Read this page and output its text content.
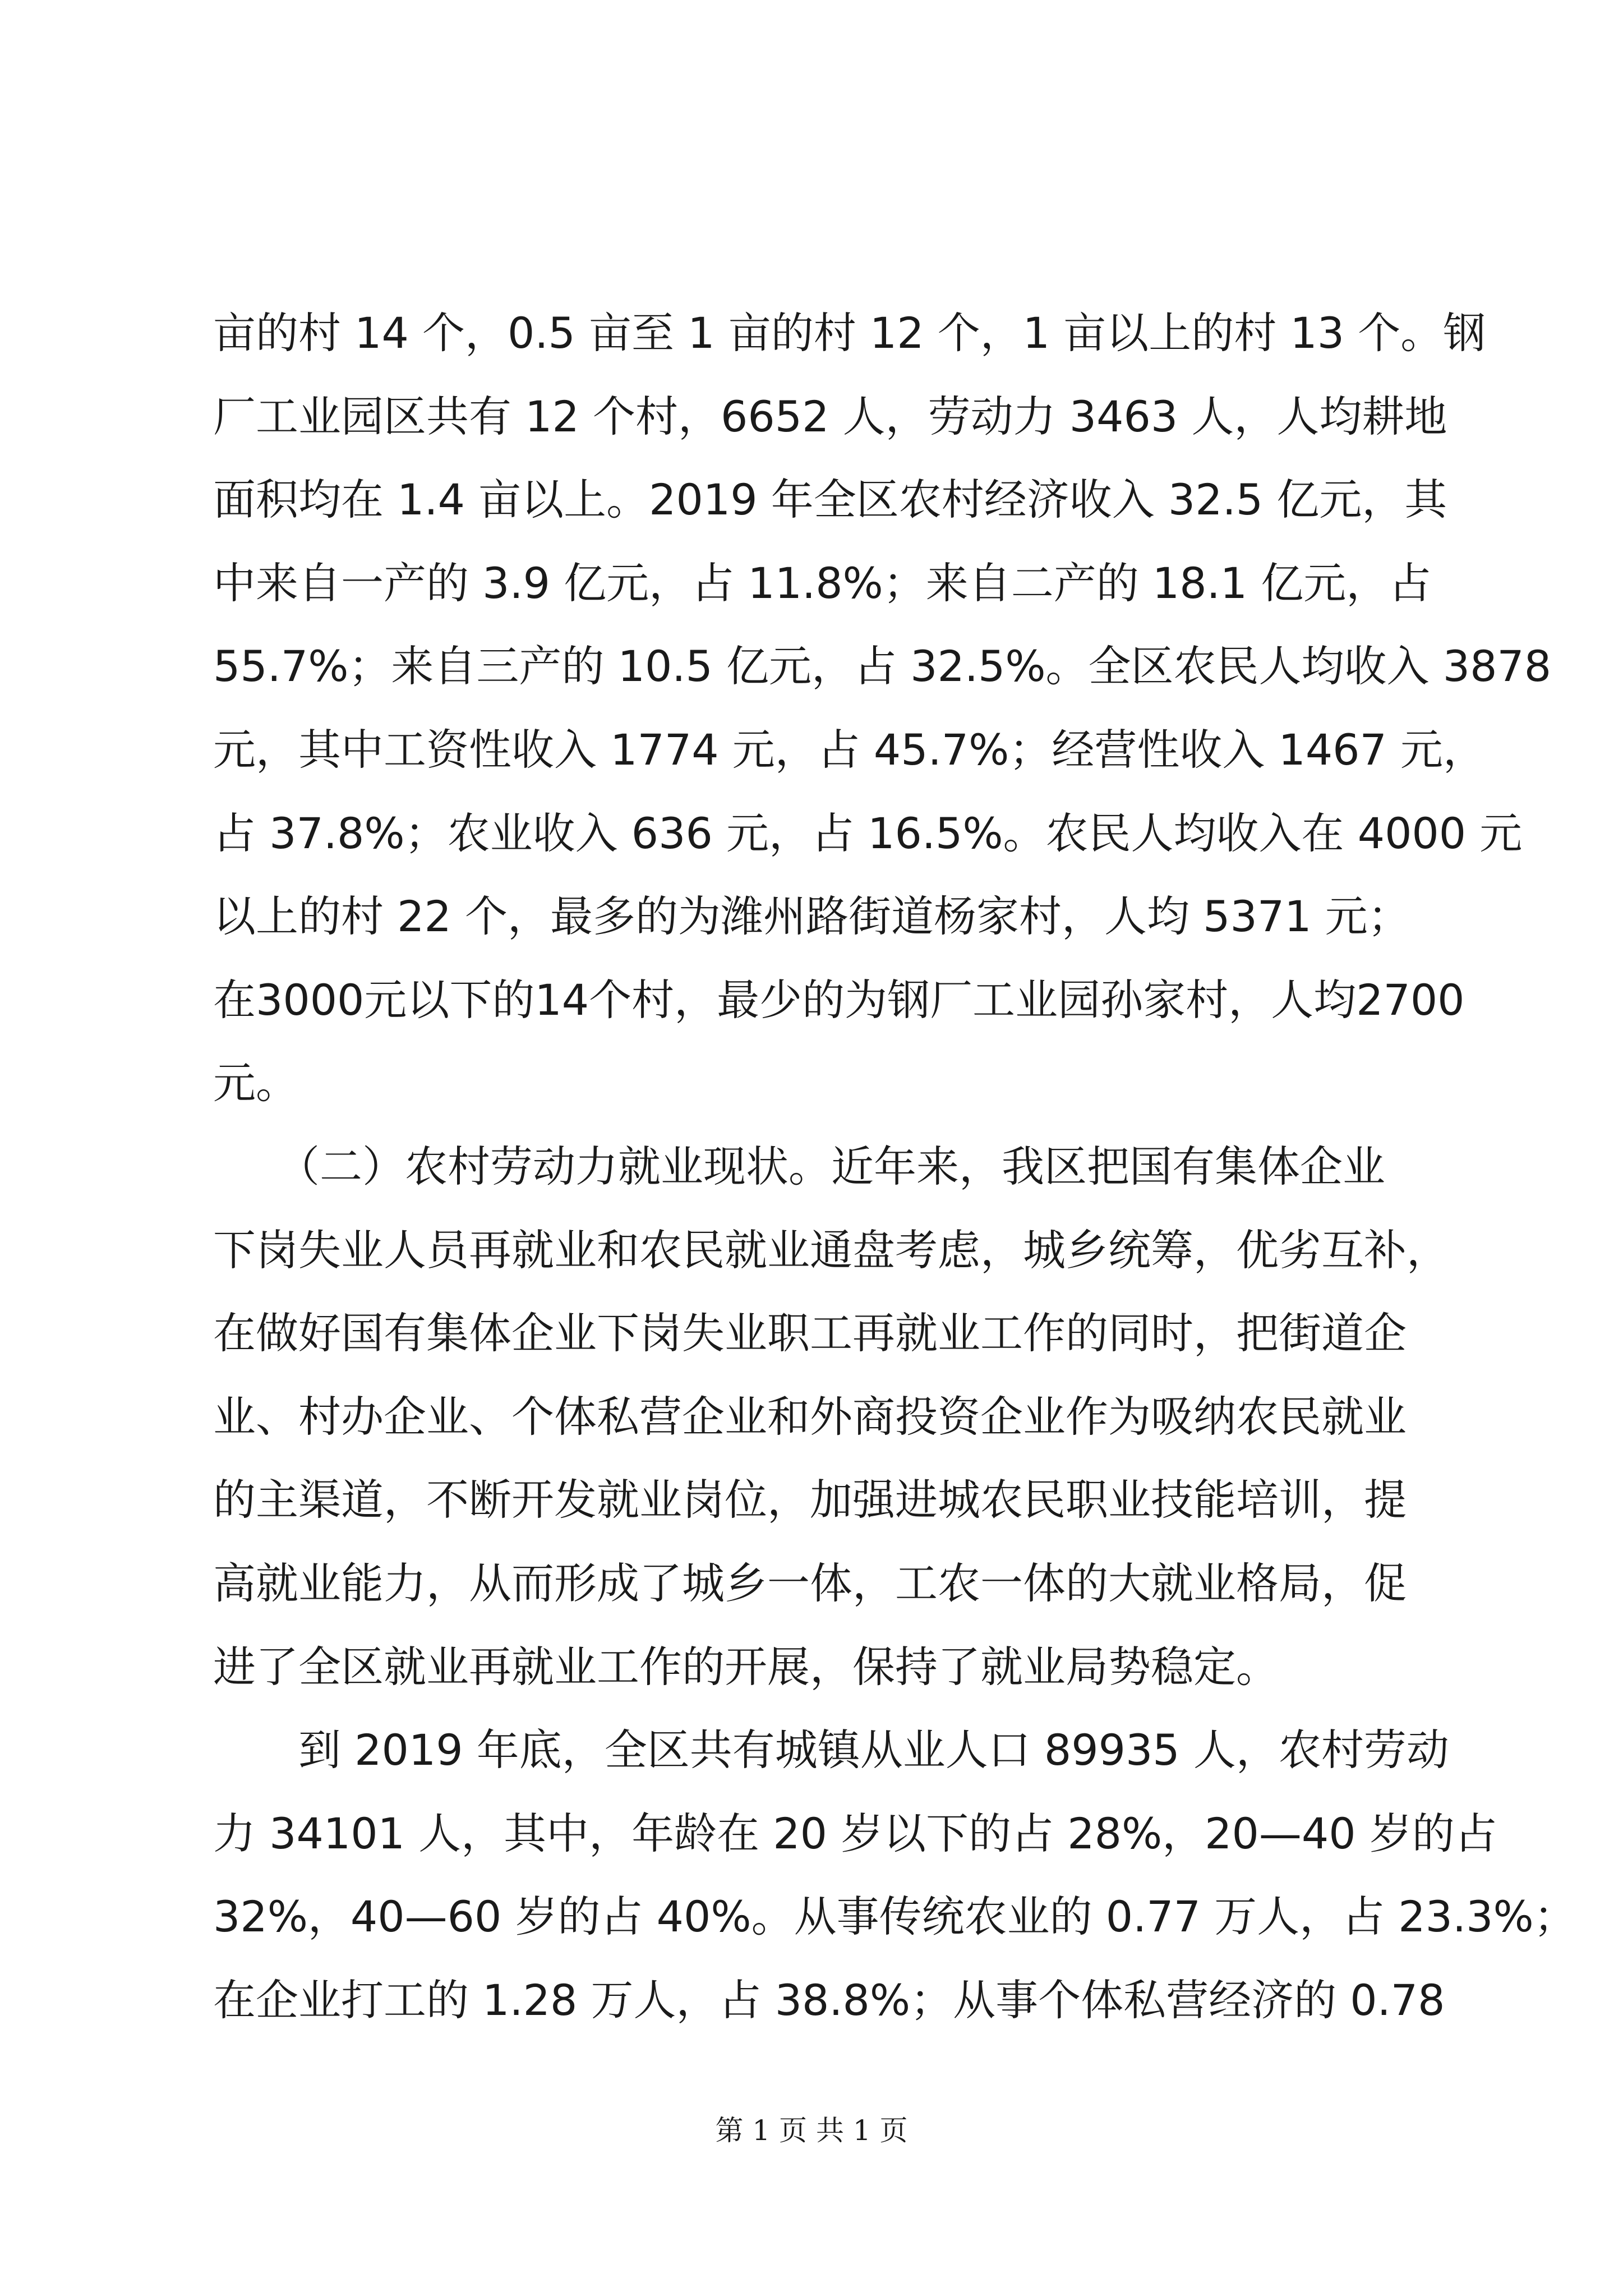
亩的村 14 个，0.5 亩至 1 亩的村 12 个，1 亩以上的村 13 个。钢
厂工业园区共有 12 个村，6652 人，劳动力 3463 人，人均耕地
面积均在 1.4 亩以上。2019 年全区农村经济收入 32.5 亿元，其
中来自一产的 3.9 亿元，占 11.8%；来自二产的 18.1 亿元，占
55.7%；来自三产的 10.5 亿元，占 32.5%。全区农民人均收入 3878
元，其中工资性收入 1774 元，占 45.7%；经营性收入 1467 元，
占 37.8%；农业收入 636 元，占 16.5%。农民人均收入在 4000 元
以上的村 22 个，最多的为潍州路街道杨家村，人均 5371 元；
在3000元以下的14个村，最少的为钢厂工业园孙家村，人均2700
元。
　　（二）农村劳动力就业现状。近年来，我区把国有集体企业
下岗失业人员再就业和农民就业通盘考虑，城乡统筹，优劣互补，
在做好国有集体企业下岗失业职工再就业工作的同时，把街道企
业、村办企业、个体私营企业和外商投资企业作为吸纳农民就业
的主渠道，不断开发就业岗位，加强进城农民职业技能培训，提
高就业能力，从而形成了城乡一体，工农一体的大就业格局，促
进了全区就业再就业工作的开展，保持了就业局势稳定。
　　到 2019 年底，全区共有城镇从业人口 89935 人，农村劳动
力 34101 人，其中，年龄在 20 岁以下的占 28%，20—40 岁的占
32%，40—60 岁的占 40%。从事传统农业的 0.77 万人，占 23.3%；
在企业打工的 1.28 万人，占 38.8%；从事个体私营经济的 0.78
第 1 页 共 1 页
